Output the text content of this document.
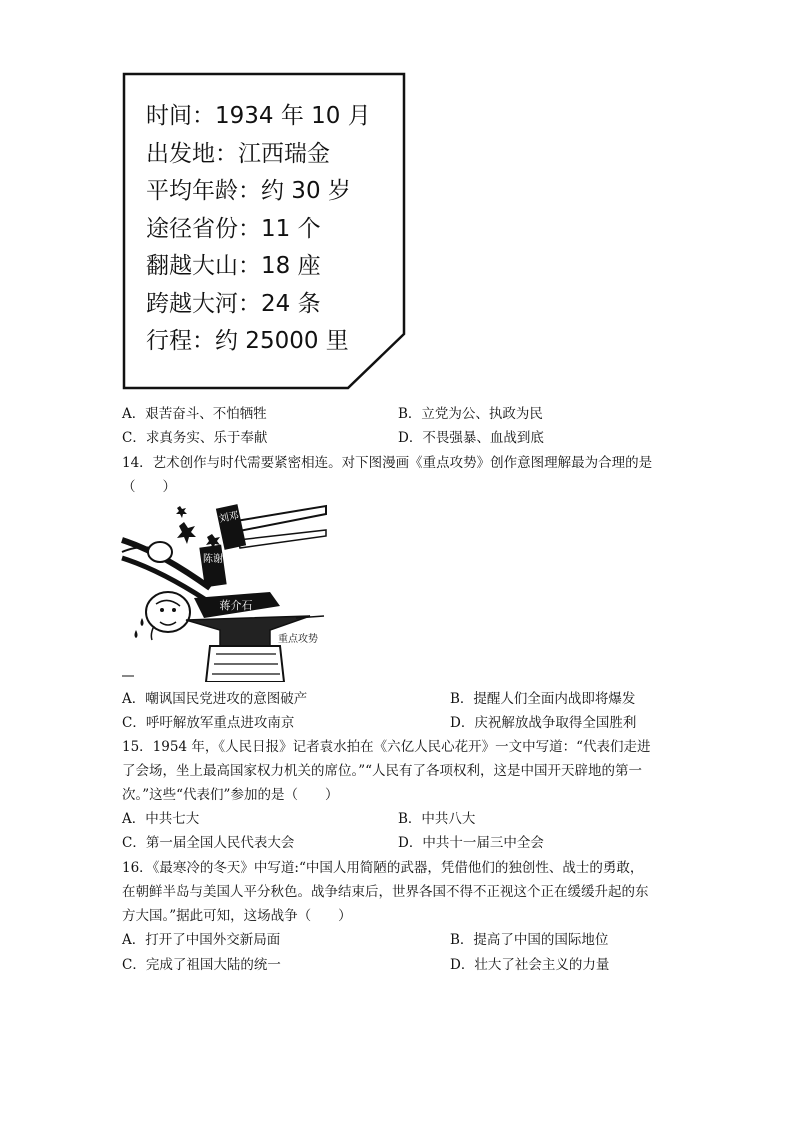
时间：1934 年 10 月
出发地：江西瑞金
平均年龄：约 30 岁
途径省份：11 个
翻越大山：18 座
跨越大河：24 条
行程：约 25000 里
A．艰苦奋斗、不怕牺牲	B．立党为公、执政为民
C．求真务实、乐于奉献	D．不畏强暴、血战到底
14．艺术创作与时代需要紧密相连。对下图漫画《重点攻势》创作意图理解最为合理的是
（　　）
刘邓
陈谢
蒋介石
重点攻势
A．嘲讽国民党进攻的意图破产	B．提醒人们全面内战即将爆发
C．呼吁解放军重点进攻南京	D．庆祝解放战争取得全国胜利
15．1954 年，《人民日报》记者袁水拍在《六亿人民心花开》一文中写道：“代表们走进
了会场，坐上最高国家权力机关的席位。”“人民有了各项权利，这是中国开天辟地的第一
次。”这些“代表们”参加的是（　　）
A．中共七大	B．中共八大
C．第一届全国人民代表大会	D．中共十一届三中全会
16．《最寒冷的冬天》中写道:“中国人用简陋的武器，凭借他们的独创性、战士的勇敢，
在朝鲜半岛与美国人平分秋色。战争结束后，世界各国不得不正视这个正在缓缓升起的东
方大国。”据此可知，这场战争（　　）
A．打开了中国外交新局面	B．提高了中国的国际地位
C．完成了祖国大陆的统一	D．壮大了社会主义的力量
